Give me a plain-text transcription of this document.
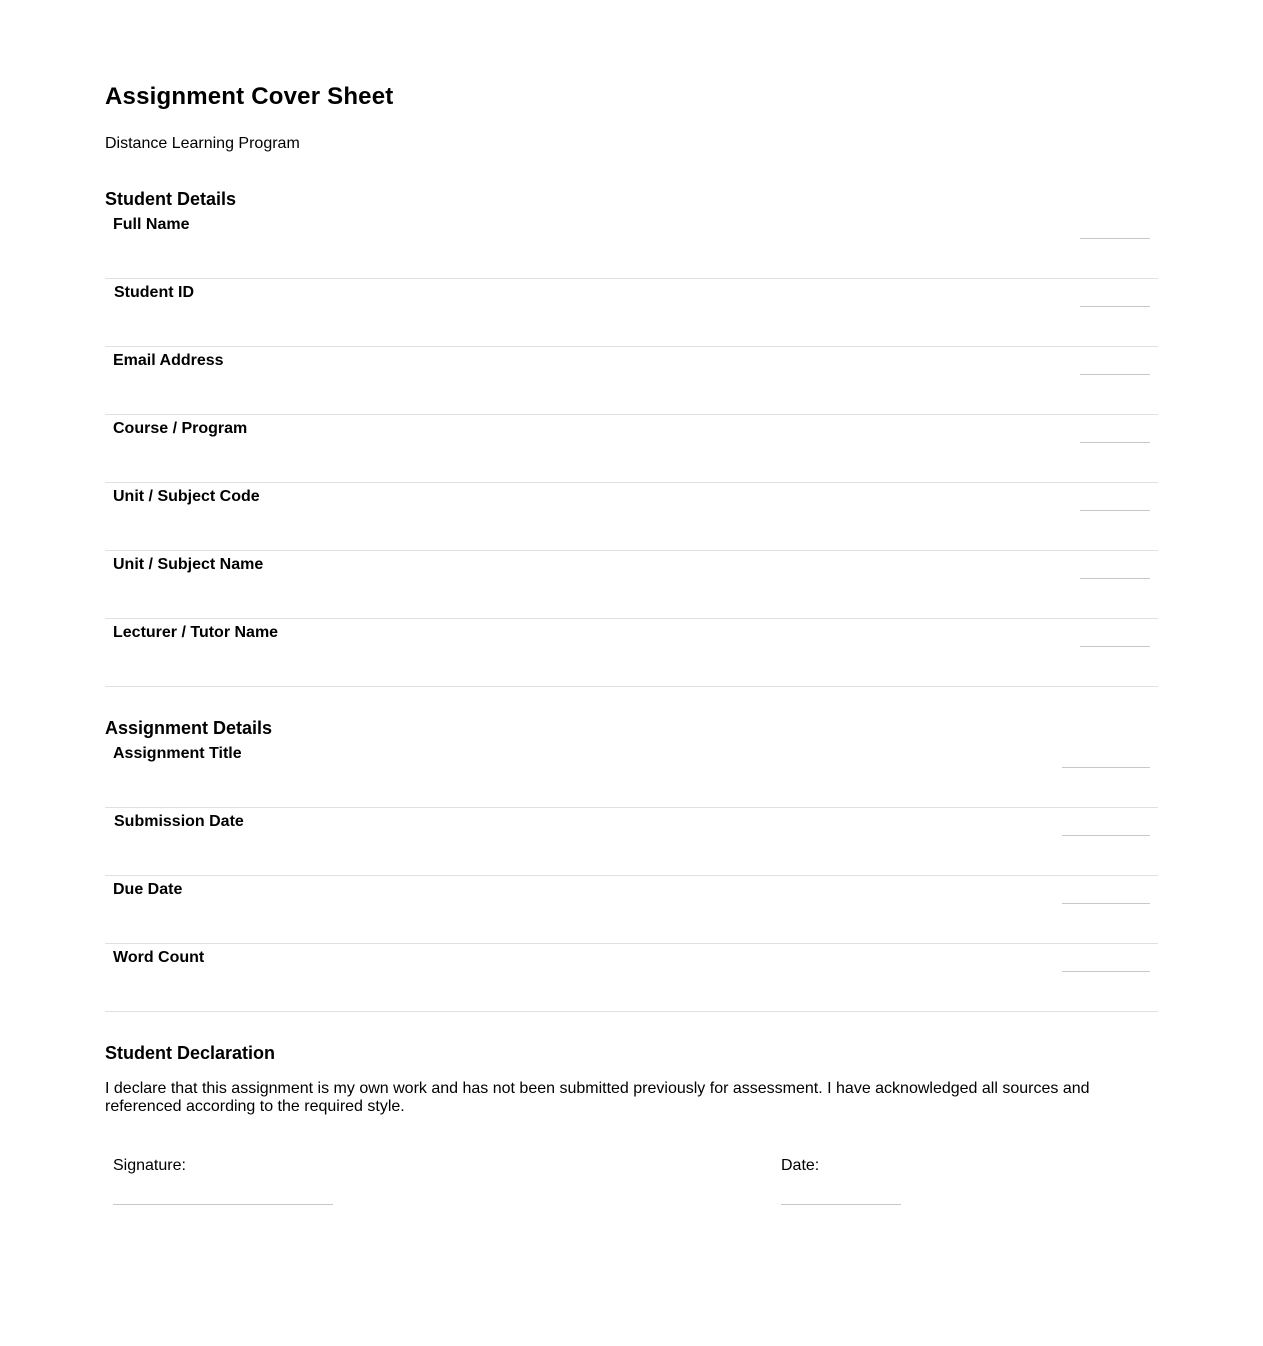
Assignment Cover Sheet

Distance Learning Program

Student Details
Full Name
Student ID
Email Address
Course / Program
Unit / Subject Code
Unit / Subject Name
Lecturer / Tutor Name
Assignment Details
Assignment Title
Submission Date
Due Date
Word Count
Student Declaration

I declare that this assignment is my own work and has not been submitted previously for assessment. I have acknowledged all sources and referenced according to the required style.

Signature:	Date:
